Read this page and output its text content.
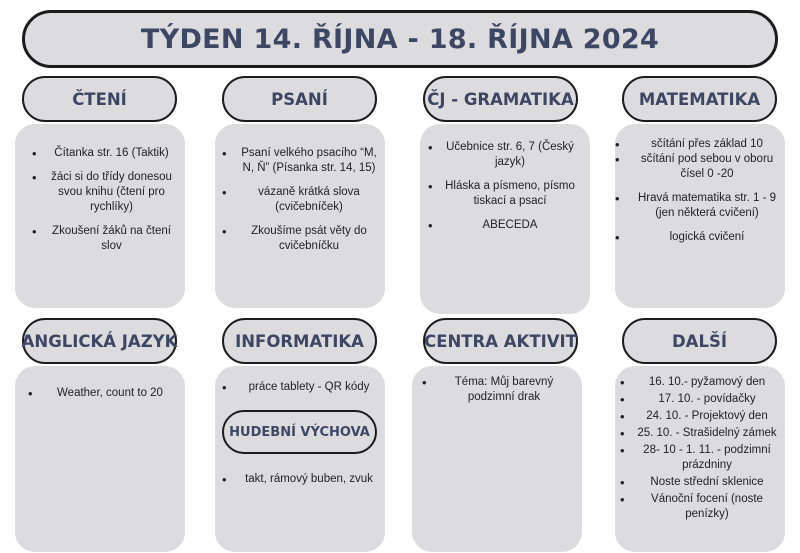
TÝDEN 14. ŘÍJNA - 18. ŘÍJNA 2024
ČTENÍ	PSANÍ	ČJ - GRAMATIKA	MATEMATIKA
ANGLICKÁ JAZYK	INFORMATIKA	CENTRA AKTIVIT	DALŠÍ
HUDEBNÍ VÝCHOVA
• Čítanka str. 16 (Taktik)
• žáci si do třídy donesou svou knihu (čtení pro rychlíky)
• Zkoušení žáků na čtení slov
• Psaní velkého psacího “M, N, Ň” (Písanka str. 14, 15)
• vázaně krátká slova (cvičebníček)
• Zkoušíme psát věty do cvičebníčku
• Učebnice str. 6, 7 (Český jazyk)
• Hláska a písmeno, písmo tiskací a psací
• ABECEDA
• sčítání přes základ 10
• sčítání pod sebou v oboru čísel 0 -20
• Hravá matematika str. 1 - 9 (jen některá cvičení)
• logická cvičení
• Weather, count to 20
•	práce tablety - QR kódy
• takt, rámový buben, zvuk
• Téma: Můj barevný podzimní drak
• 16. 10.- pyžamový den
• 17. 10. - povídačky
• 24. 10. - Projektový den
• 25. 10. - Strašidelný zámek
• 28- 10 - 1. 11. - podzimní prázdniny
• Noste střední sklenice
• Vánoční focení (noste penízky)
